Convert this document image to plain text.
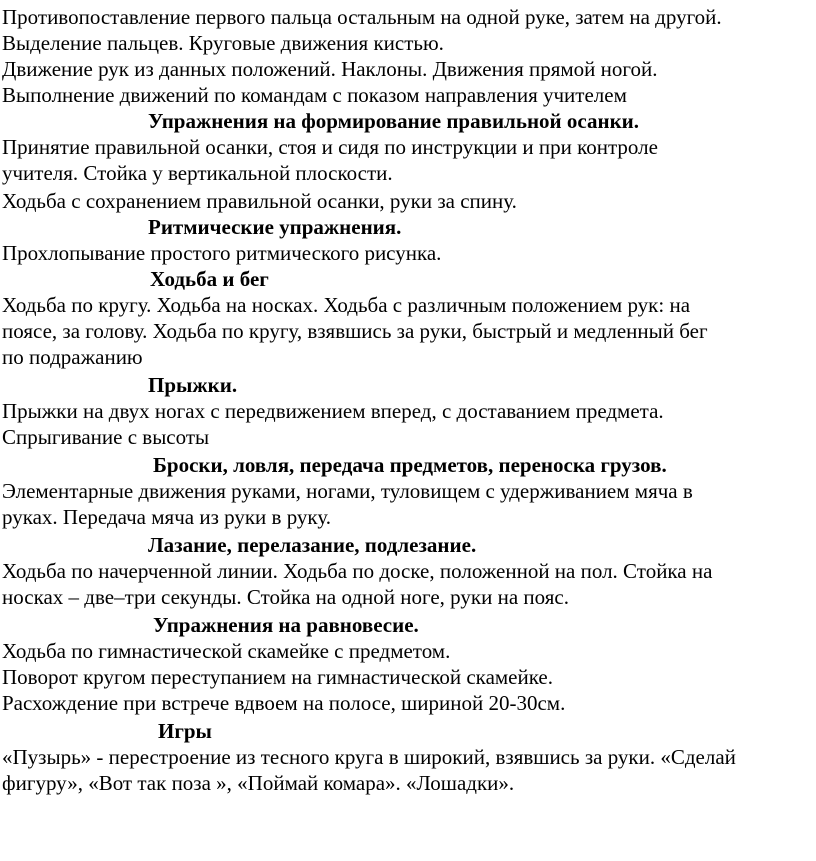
Противопоставление первого пальца остальным на одной руке, затем на другой.
Выделение пальцев. Круговые движения кистью.
Движение рук из данных положений. Наклоны. Движения прямой ногой.
Выполнение движений по командам с показом направления учителем
Упражнения на формирование правильной осанки.
Принятие правильной осанки, стоя и сидя по инструкции и при контроле
учителя. Стойка у вертикальной плоскости.
Ходьба с сохранением правильной осанки, руки за спину.
Ритмические упражнения.
Прохлопывание простого ритмического рисунка.
Ходьба и бег
Ходьба по кругу. Ходьба на носках. Ходьба с различным положением рук: на
поясе, за голову. Ходьба по кругу, взявшись за руки, быстрый и медленный бег
по подражанию
Прыжки.
Прыжки на двух ногах с передвижением вперед, с доставанием предмета.
Спрыгивание с высоты
Броски, ловля, передача предметов, переноска грузов.
Элементарные движения руками, ногами, туловищем с удерживанием мяча в
руках. Передача мяча из руки в руку.
Лазание, перелазание, подлезание.
Ходьба по начерченной линии. Ходьба по доске, положенной на пол. Стойка на
носках – две–три секунды. Стойка на одной ноге, руки на пояс.
Упражнения на равновесие.
Ходьба по гимнастической скамейке с предметом.
Поворот кругом переступанием на гимнастической скамейке.
Расхождение при встрече вдвоем на полосе, шириной 20-30см.
Игры
«Пузырь» - перестроение из тесного круга в широкий, взявшись за руки. «Сделай
фигуру», «Вот так поза », «Поймай комара». «Лошадки».
